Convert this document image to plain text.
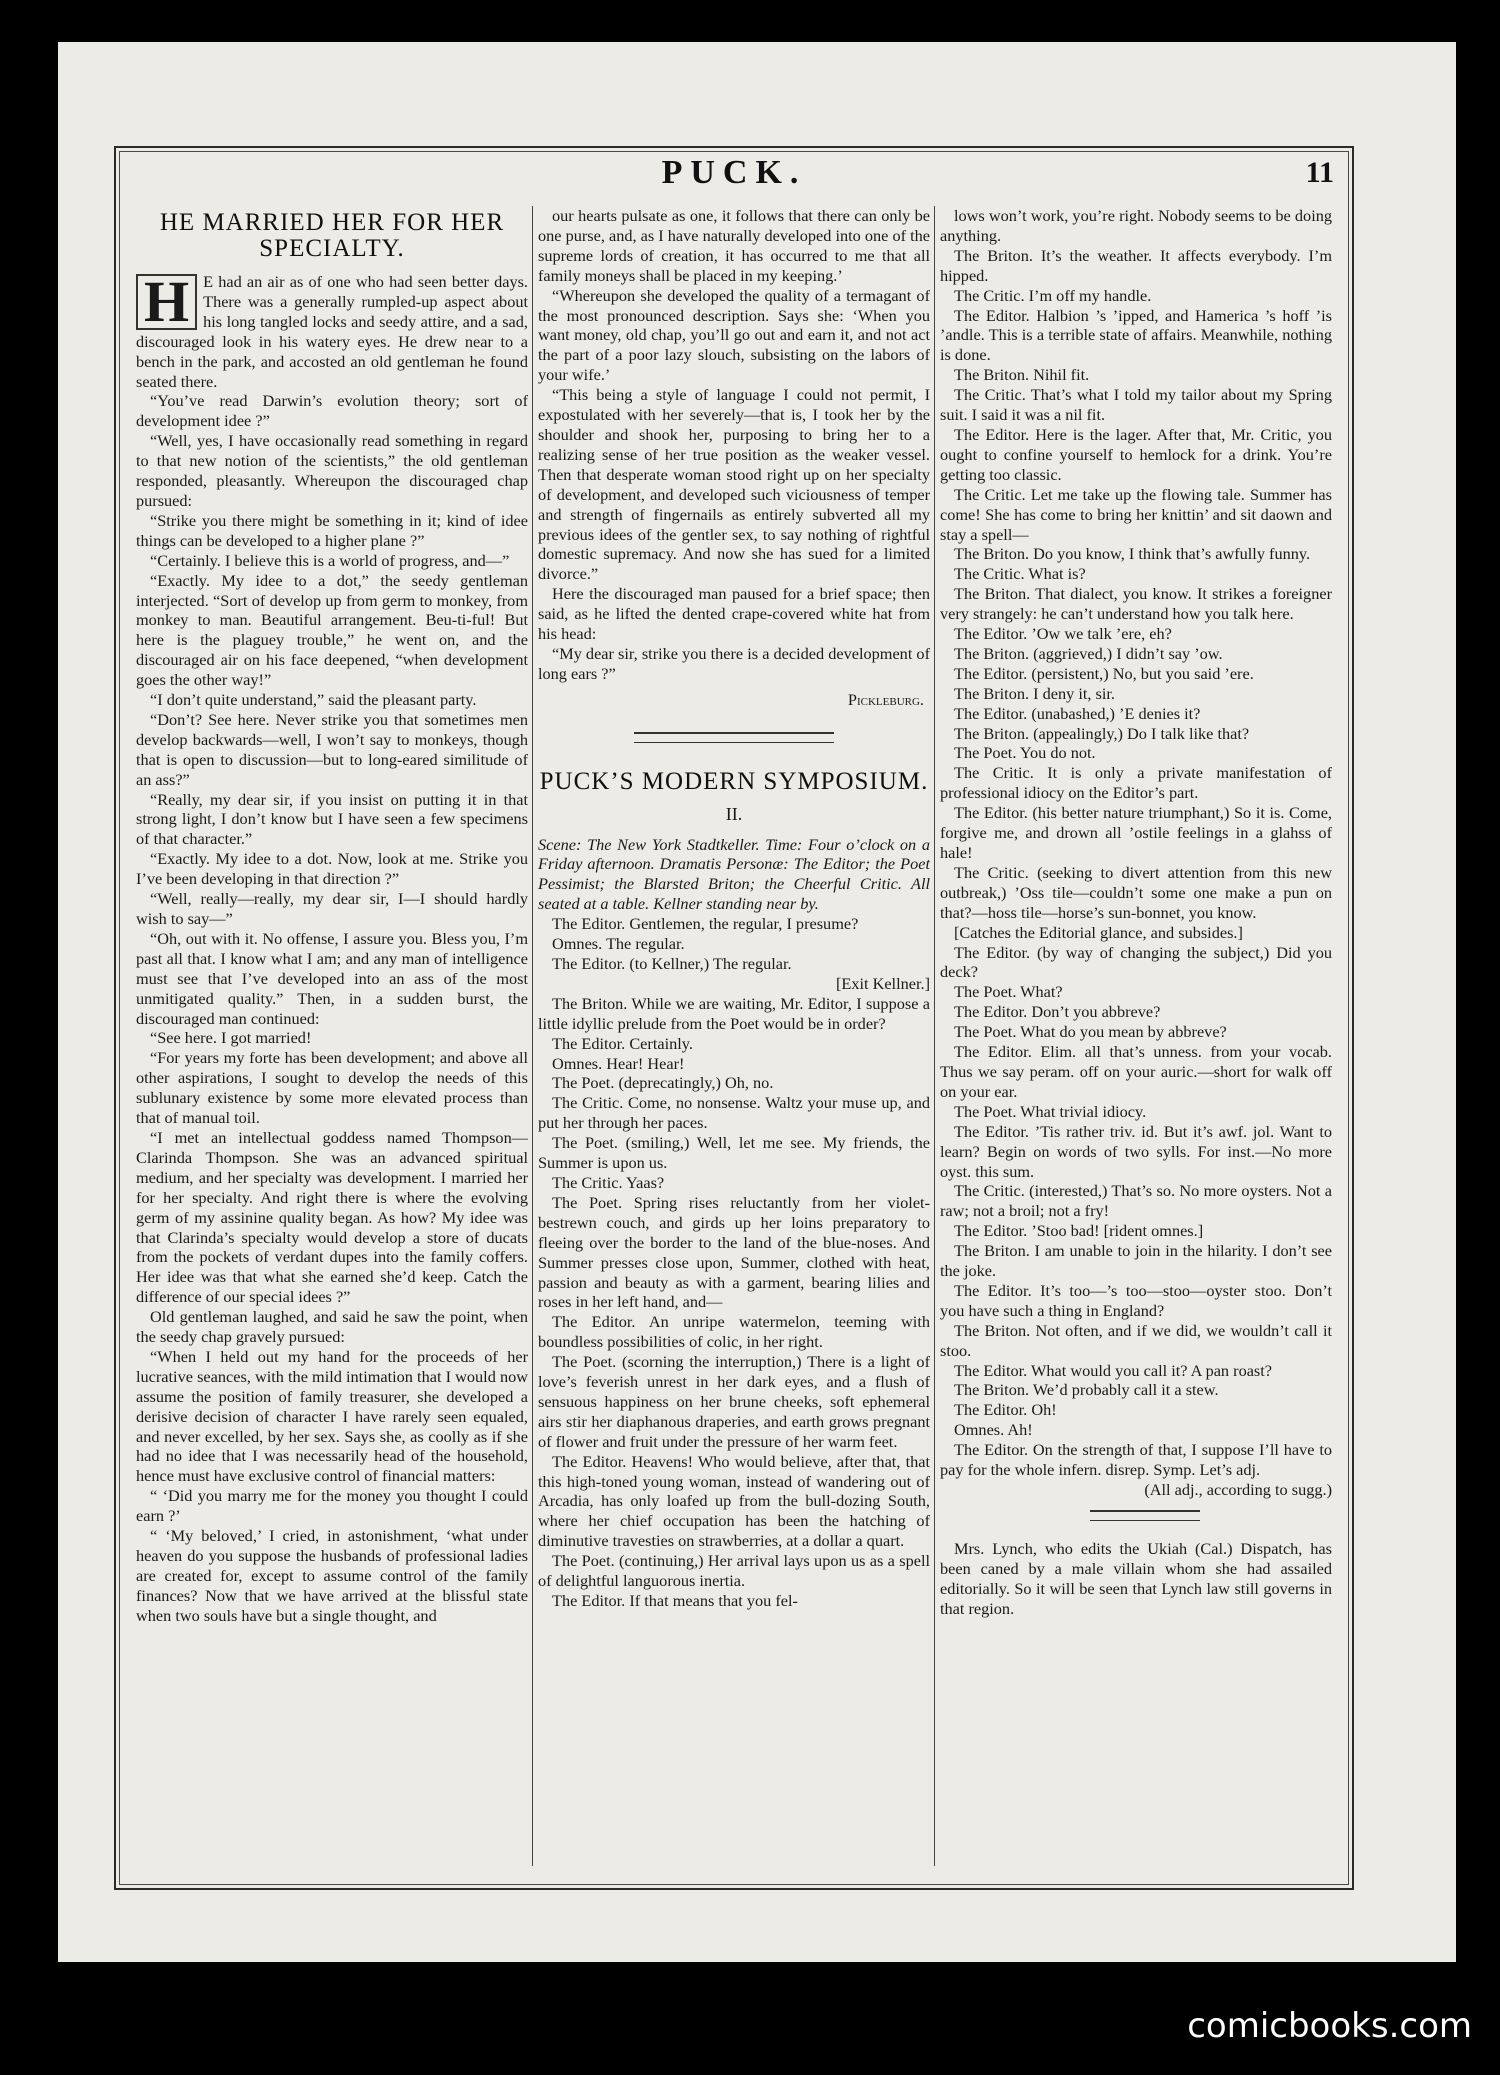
PUCK.	11
HE MARRIED HER FOR HER SPECIALTY.

H E had an air as of one who had seen better days. There was a generally rumpled-up aspect about his long tangled locks and seedy attire, and a sad, discouraged look in his watery eyes. He drew near to a bench in the park, and accosted an old gentleman he found seated there.

“You’ve read Darwin’s evolution theory; sort of development idee ?”

“Well, yes, I have occasionally read something in regard to that new notion of the scientists,” the old gentleman responded, pleasantly. Whereupon the discouraged chap pursued:

“Strike you there might be something in it; kind of idee things can be developed to a higher plane ?”

“Certainly. I believe this is a world of progress, and—”

“Exactly. My idee to a dot,” the seedy gentleman interjected. “Sort of develop up from germ to monkey, from monkey to man. Beautiful arrangement. Beu-ti-ful! But here is the plaguey trouble,” he went on, and the discouraged air on his face deepened, “when development goes the other way!”

“I don’t quite understand,” said the pleasant party.

“Don’t? See here. Never strike you that sometimes men develop backwards—well, I won’t say to monkeys, though that is open to discussion—but to long-eared similitude of an ass?”

“Really, my dear sir, if you insist on putting it in that strong light, I don’t know but I have seen a few specimens of that character.”

“Exactly. My idee to a dot. Now, look at me. Strike you I’ve been developing in that direction ?”

“Well, really—really, my dear sir, I—I should hardly wish to say—”

“Oh, out with it. No offense, I assure you. Bless you, I’m past all that. I know what I am; and any man of intelligence must see that I’ve developed into an ass of the most unmitigated quality.” Then, in a sudden burst, the discouraged man continued:

“See here. I got married!

“For years my forte has been development; and above all other aspirations, I sought to develop the needs of this sublunary existence by some more elevated process than that of manual toil.

“I met an intellectual goddess named Thompson—Clarinda Thompson. She was an advanced spiritual medium, and her specialty was development. I married her for her specialty. And right there is where the evolving germ of my assinine quality began. As how? My idee was that Clarinda’s specialty would develop a store of ducats from the pockets of verdant dupes into the family coffers. Her idee was that what she earned she’d keep. Catch the difference of our special idees ?”

Old gentleman laughed, and said he saw the point, when the seedy chap gravely pursued:

“When I held out my hand for the proceeds of her lucrative seances, with the mild intimation that I would now assume the position of family treasurer, she developed a derisive decision of character I have rarely seen equaled, and never excelled, by her sex. Says she, as coolly as if she had no idee that I was necessarily head of the household, hence must have exclusive control of financial matters:

“ ‘Did you marry me for the money you thought I could earn ?’

“ ‘My beloved,’ I cried, in astonishment, ‘what under heaven do you suppose the husbands of professional ladies are created for, except to assume control of the family finances? Now that we have arrived at the blissful state when two souls have but a single thought, and

our hearts pulsate as one, it follows that there can only be one purse, and, as I have naturally developed into one of the supreme lords of creation, it has occurred to me that all family moneys shall be placed in my keeping.’

“Whereupon she developed the quality of a termagant of the most pronounced description. Says she: ‘When you want money, old chap, you’ll go out and earn it, and not act the part of a poor lazy slouch, subsisting on the labors of your wife.’

“This being a style of language I could not permit, I expostulated with her severely—that is, I took her by the shoulder and shook her, purposing to bring her to a realizing sense of her true position as the weaker vessel. Then that desperate woman stood right up on her specialty of development, and developed such viciousness of temper and strength of fingernails as entirely subverted all my previous idees of the gentler sex, to say nothing of rightful domestic supremacy. And now she has sued for a limited divorce.”

Here the discouraged man paused for a brief space; then said, as he lifted the dented crape-covered white hat from his head:

“My dear sir, strike you there is a decided development of long ears ?”

Pickleburg.
PUCK’S MODERN SYMPOSIUM.
II.

Scene: The New York Stadtkeller. Time: Four o’clock on a Friday afternoon. Dramatis Personæ: The Editor; the Poet Pessimist; the Blarsted Briton; the Cheerful Critic. All seated at a table. Kellner standing near by.

The Editor. Gentlemen, the regular, I presume?

Omnes. The regular.

The Editor. (to Kellner,) The regular.

[Exit Kellner.]

The Briton. While we are waiting, Mr. Editor, I suppose a little idyllic prelude from the Poet would be in order?

The Editor. Certainly.

Omnes. Hear! Hear!

The Poet. (deprecatingly,) Oh, no.

The Critic. Come, no nonsense. Waltz your muse up, and put her through her paces.

The Poet. (smiling,) Well, let me see. My friends, the Summer is upon us.

The Critic. Yaas?

The Poet. Spring rises reluctantly from her violet-bestrewn couch, and girds up her loins preparatory to fleeing over the border to the land of the blue-noses. And Summer presses close upon, Summer, clothed with heat, passion and beauty as with a garment, bearing lilies and roses in her left hand, and—

The Editor. An unripe watermelon, teeming with boundless possibilities of colic, in her right.

The Poet. (scorning the interruption,) There is a light of love’s feverish unrest in her dark eyes, and a flush of sensuous happiness on her brune cheeks, soft ephemeral airs stir her diaphanous draperies, and earth grows pregnant of flower and fruit under the pressure of her warm feet.

The Editor. Heavens! Who would believe, after that, that this high-toned young woman, instead of wandering out of Arcadia, has only loafed up from the bull-dozing South, where her chief occupation has been the hatching of diminutive travesties on strawberries, at a dollar a quart.

The Poet. (continuing,) Her arrival lays upon us as a spell of delightful languorous inertia.

The Editor. If that means that you fel-

lows won’t work, you’re right. Nobody seems to be doing anything.

The Briton. It’s the weather. It affects everybody. I’m hipped.

The Critic. I’m off my handle.

The Editor. Halbion ’s ’ipped, and Hamerica ’s hoff ’is ’andle. This is a terrible state of affairs. Meanwhile, nothing is done.

The Briton. Nihil fit.

The Critic. That’s what I told my tailor about my Spring suit. I said it was a nil fit.

The Editor. Here is the lager. After that, Mr. Critic, you ought to confine yourself to hemlock for a drink. You’re getting too classic.

The Critic. Let me take up the flowing tale. Summer has come! She has come to bring her knittin’ and sit daown and stay a spell—

The Briton. Do you know, I think that’s awfully funny.

The Critic. What is?

The Briton. That dialect, you know. It strikes a foreigner very strangely: he can’t understand how you talk here.

The Editor. ’Ow we talk ’ere, eh?

The Briton. (aggrieved,) I didn’t say ’ow.

The Editor. (persistent,) No, but you said ’ere.

The Briton. I deny it, sir.

The Editor. (unabashed,) ’E denies it?

The Briton. (appealingly,) Do I talk like that?

The Poet. You do not.

The Critic. It is only a private manifestation of professional idiocy on the Editor’s part.

The Editor. (his better nature triumphant,) So it is. Come, forgive me, and drown all ’ostile feelings in a glahss of hale!

The Critic. (seeking to divert attention from this new outbreak,) ’Oss tile—couldn’t some one make a pun on that?—hoss tile—horse’s sun-bonnet, you know.

[Catches the Editorial glance, and subsides.]

The Editor. (by way of changing the subject,) Did you deck?

The Poet. What?

The Editor. Don’t you abbreve?

The Poet. What do you mean by abbreve?

The Editor. Elim. all that’s unness. from your vocab. Thus we say peram. off on your auric.—short for walk off on your ear.

The Poet. What trivial idiocy.

The Editor. ’Tis rather triv. id. But it’s awf. jol. Want to learn? Begin on words of two sylls. For inst.—No more oyst. this sum.

The Critic. (interested,) That’s so. No more oysters. Not a raw; not a broil; not a fry!

The Editor. ’Stoo bad! [rident omnes.]

The Briton. I am unable to join in the hilarity. I don’t see the joke.

The Editor. It’s too—’s too—stoo—oyster stoo. Don’t you have such a thing in England?

The Briton. Not often, and if we did, we wouldn’t call it stoo.

The Editor. What would you call it? A pan roast?

The Briton. We’d probably call it a stew.

The Editor. Oh!

Omnes. Ah!

The Editor. On the strength of that, I suppose I’ll have to pay for the whole infern. disrep. Symp. Let’s adj.

(All adj., according to sugg.)

Mrs. Lynch, who edits the Ukiah (Cal.) Dispatch, has been caned by a male villain whom she had assailed editorially. So it will be seen that Lynch law still governs in that region.

comicbooks.com
